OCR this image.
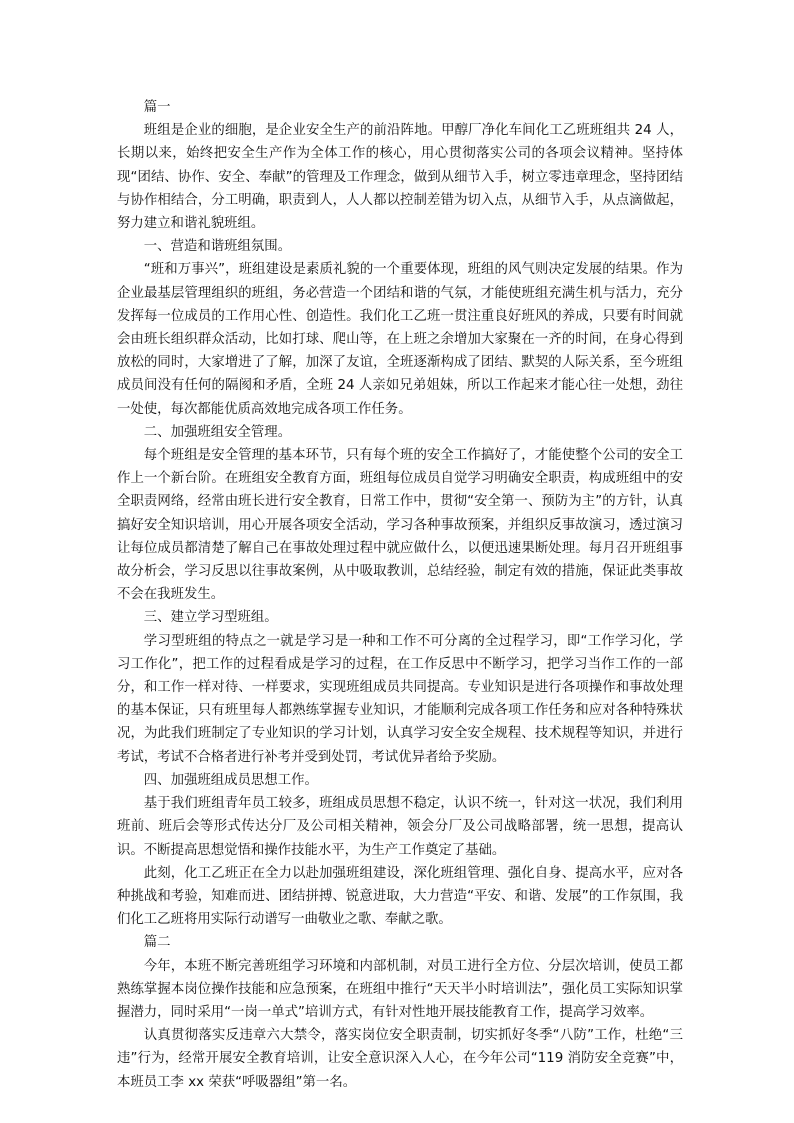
篇一

班组是企业的细胞，是企业安全生产的前沿阵地。甲醇厂净化车间化工乙班班组共 24 人，长期以来，始终把安全生产作为全体工作的核心，用心贯彻落实公司的各项会议精神。坚持体现“团结、协作、安全、奉献”的管理及工作理念，做到从细节入手，树立零违章理念，坚持团结与协作相结合，分工明确，职责到人，人人都以控制差错为切入点，从细节入手，从点滴做起，努力建立和谐礼貌班组。

一、营造和谐班组氛围。

“班和万事兴”，班组建设是素质礼貌的一个重要体现，班组的风气则决定发展的结果。作为企业最基层管理组织的班组，务必营造一个团结和谐的气氛，才能使班组充满生机与活力，充分发挥每一位成员的工作用心性、创造性。我们化工乙班一贯注重良好班风的养成，只要有时间就会由班长组织群众活动，比如打球、爬山等，在上班之余增加大家聚在一齐的时间，在身心得到放松的同时，大家增进了了解，加深了友谊，全班逐渐构成了团结、默契的人际关系，至今班组成员间没有任何的隔阂和矛盾，全班 24 人亲如兄弟姐妹，所以工作起来才能心往一处想，劲往一处使，每次都能优质高效地完成各项工作任务。

二、加强班组安全管理。

每个班组是安全管理的基本环节，只有每个班的安全工作搞好了，才能使整个公司的安全工作上一个新台阶。在班组安全教育方面，班组每位成员自觉学习明确安全职责，构成班组中的安全职责网络，经常由班长进行安全教育，日常工作中，贯彻“安全第一、预防为主”的方针，认真搞好安全知识培训，用心开展各项安全活动，学习各种事故预案，并组织反事故演习，透过演习让每位成员都清楚了解自己在事故处理过程中就应做什么，以便迅速果断处理。每月召开班组事故分析会，学习反思以往事故案例，从中吸取教训，总结经验，制定有效的措施，保证此类事故不会在我班发生。

三、建立学习型班组。

学习型班组的特点之一就是学习是一种和工作不可分离的全过程学习，即“工作学习化，学习工作化”，把工作的过程看成是学习的过程，在工作反思中不断学习，把学习当作工作的一部分，和工作一样对待、一样要求，实现班组成员共同提高。专业知识是进行各项操作和事故处理的基本保证，只有班里每人都熟练掌握专业知识，才能顺利完成各项工作任务和应对各种特殊状况，为此我们班制定了专业知识的学习计划，认真学习安全安全规程、技术规程等知识，并进行考试，考试不合格者进行补考并受到处罚，考试优异者给予奖励。

四、加强班组成员思想工作。

基于我们班组青年员工较多，班组成员思想不稳定，认识不统一，针对这一状况，我们利用班前、班后会等形式传达分厂及公司相关精神，领会分厂及公司战略部署，统一思想，提高认识。不断提高思想觉悟和操作技能水平，为生产工作奠定了基础。

此刻，化工乙班正在全力以赴加强班组建设，深化班组管理、强化自身、提高水平，应对各种挑战和考验，知难而进、团结拼搏、锐意进取，大力营造“平安、和谐、发展”的工作氛围，我们化工乙班将用实际行动谱写一曲敬业之歌、奉献之歌。

篇二

今年，本班不断完善班组学习环境和内部机制，对员工进行全方位、分层次培训，使员工都熟练掌握本岗位操作技能和应急预案，在班组中推行“天天半小时培训法”，强化员工实际知识掌握潜力，同时采用“一岗一单式”培训方式，有针对性地开展技能教育工作，提高学习效率。

认真贯彻落实反违章六大禁令，落实岗位安全职责制，切实抓好冬季“八防”工作，杜绝“三违”行为，经常开展安全教育培训，让安全意识深入人心，在今年公司“119 消防安全竞赛”中，本班员工李 xx 荣获“呼吸器组”第一名。
